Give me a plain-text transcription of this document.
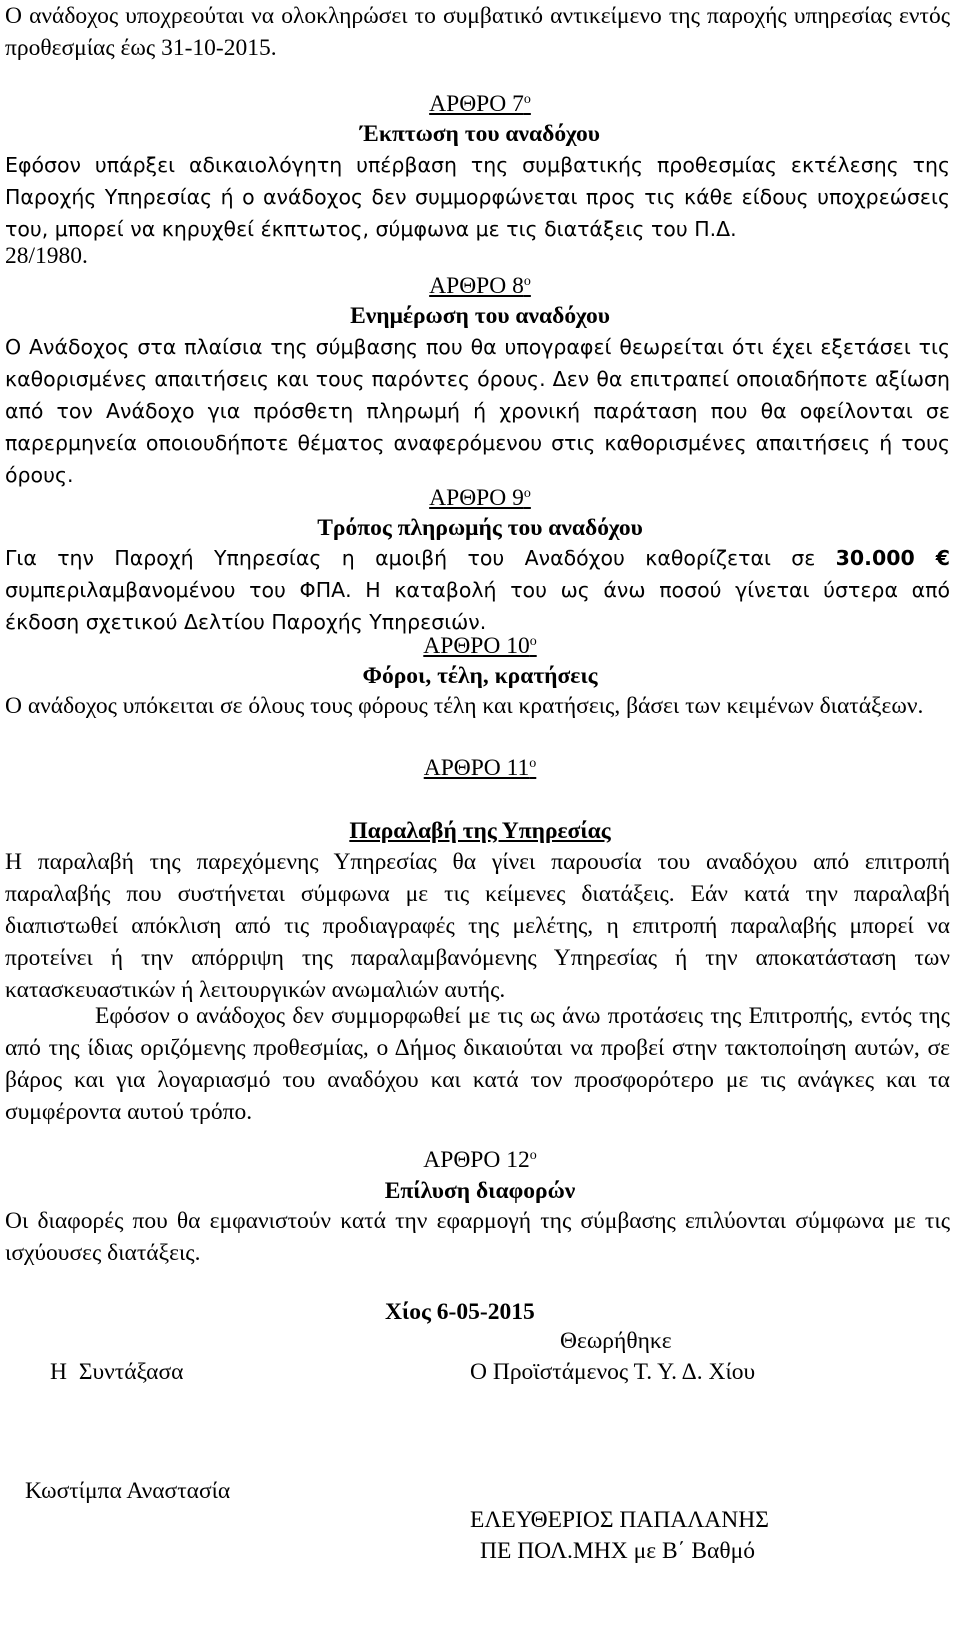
Ο ανάδοχος υποχρεούται να ολοκληρώσει το συμβατικό αντικείμενο της παροχής υπηρεσίας εντός προθεσμίας έως 31-10-2015.

ΑΡΘΡΟ $7^o$
Έκπτωση του αναδόχου

Εφόσον υπάρξει αδικαιολόγητη υπέρβαση της συμβατικής προθεσμίας εκτέλεσης της Παροχής Υπηρεσίας ή ο ανάδοχος δεν συμμορφώνεται προς τις κάθε είδους υποχρεώσεις του, μπορεί να κηρυχθεί έκπτωτος, σύμφωνα με τις διατάξεις του Π.Δ.

28/1980.

ΑΡΘΡΟ $8^o$
Ενημέρωση του αναδόχου

Ο Ανάδοχος στα πλαίσια της σύμβασης που θα υπογραφεί θεωρείται ότι έχει εξετάσει τις καθορισμένες απαιτήσεις και τους παρόντες όρους. Δεν θα επιτραπεί οποιαδήποτε αξίωση από τον Ανάδοχο για πρόσθετη πληρωμή ή χρονική παράταση που θα οφείλονται σε παρερμηνεία οποιουδήποτε θέματος αναφερόμενου στις καθορισμένες απαιτήσεις ή τους όρους.

ΑΡΘΡΟ $9^o$
Τρόπος πληρωμής του αναδόχου

Για την Παροχή Υπηρεσίας η αμοιβή του Αναδόχου καθορίζεται σε 30.000 € συμπεριλαμβανομένου του ΦΠΑ. Η καταβολή του ως άνω ποσού γίνεται ύστερα από έκδοση σχετικού Δελτίου Παροχής Υπηρεσιών.

ΑΡΘΡΟ $10^o$
Φόροι, τέλη, κρατήσεις

Ο ανάδοχος υπόκειται σε όλους τους φόρους τέλη και κρατήσεις, βάσει των κειμένων διατάξεων.

ΑΡΘΡΟ $11^o$
Παραλαβή της Υπηρεσίας

Η παραλαβή της παρεχόμενης Υπηρεσίας θα γίνει παρουσία του αναδόχου από επιτροπή παραλαβής που συστήνεται σύμφωνα με τις κείμενες διατάξεις. Εάν κατά την παραλαβή διαπιστωθεί απόκλιση από τις προδιαγραφές της μελέτης, η επιτροπή παραλαβής μπορεί να προτείνει ή την απόρριψη της παραλαμβανόμενης Υπηρεσίας ή την αποκατάσταση των κατασκευαστικών ή λειτουργικών ανωμαλιών αυτής.

Εφόσον ο ανάδοχος δεν συμμορφωθεί με τις ως άνω προτάσεις της Επιτροπής, εντός της από της ίδιας οριζόμενης προθεσμίας, ο Δήμος δικαιούται να προβεί στην τακτοποίηση αυτών, σε βάρος και για λογαριασμό του αναδόχου και κατά τον προσφορότερο με τις ανάγκες και τα συμφέροντα αυτού τρόπο.

ΑΡΘΡΟ $12^o$
Επίλυση διαφορών

Οι διαφορές που θα εμφανιστούν κατά την εφαρμογή της σύμβασης επιλύονται σύμφωνα με τις ισχύουσες διατάξεις.

Χίος 6-05-2015
Θεωρήθηκε
Η Συντάξασα	Ο Προϊστάμενος Τ. Υ. Δ. Χίου
Κωστίμπα Αναστασία
ΕΛΕΥΘΕΡΙΟΣ ΠΑΠΑΛΑΝΗΣ
ΠΕ ΠΟΛ.ΜΗΧ με Β΄ Βαθμό
